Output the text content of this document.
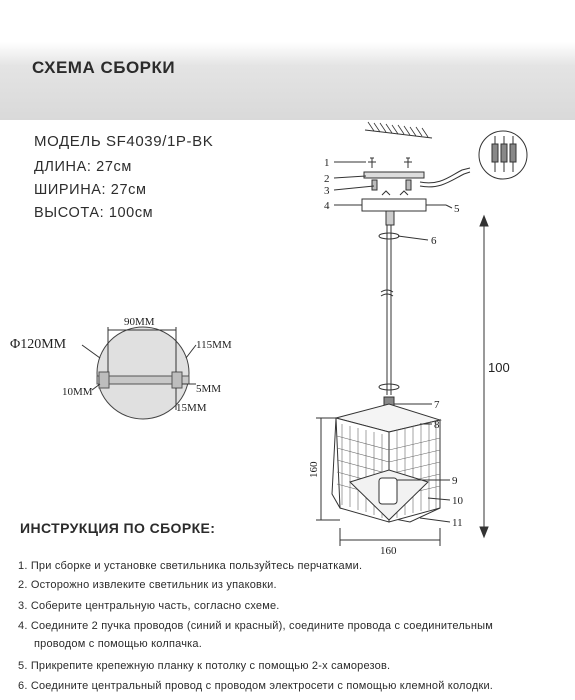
СХЕМА СБОРКИ
МОДЕЛЬ SF4039/1P-BK
ДЛИНА: 27см
ШИРИНА: 27см
ВЫСОТА: 100см
Φ120MM
90MM
115MM
10MM	5MM
15MM
1
2
3
4	5
6
7
8
9
10
11
100
160
160
ИНСТРУКЦИЯ ПО СБОРКЕ:
1. При сборке и установке светильника пользуйтесь перчатками.
2. Осторожно извлеките светильник из упаковки.
3. Соберите центральную часть, согласно схеме.
4. Соедините 2 пучка проводов (синий и красный), соедините провода с соединительным
проводом с помощью колпачка.
5. Прикрепите крепежную планку к потолку с помощью 2-х саморезов.
6. Соедините центральный провод с проводом электросети с помощью клемной колодки.
